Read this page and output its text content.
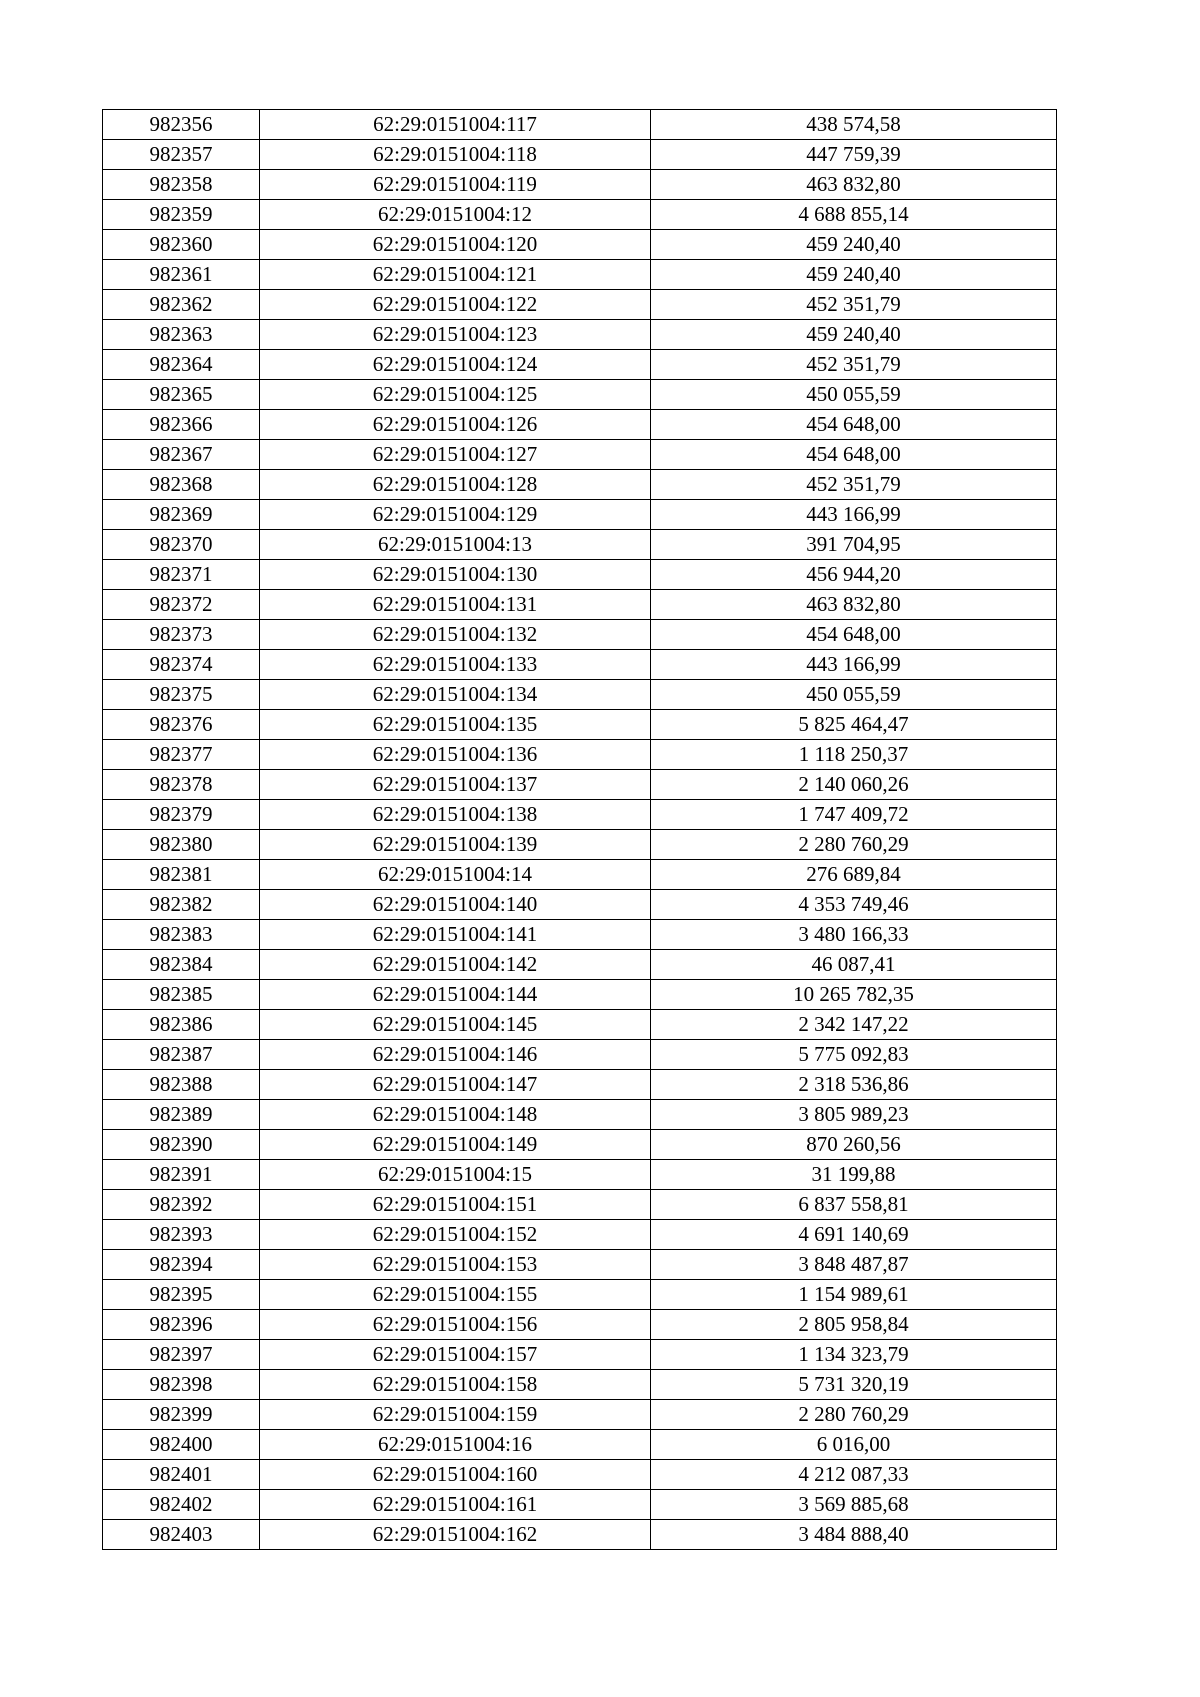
982356	62:29:0151004:117	438 574,58
982357	62:29:0151004:118	447 759,39
982358	62:29:0151004:119	463 832,80
982359	62:29:0151004:12	4 688 855,14
982360	62:29:0151004:120	459 240,40
982361	62:29:0151004:121	459 240,40
982362	62:29:0151004:122	452 351,79
982363	62:29:0151004:123	459 240,40
982364	62:29:0151004:124	452 351,79
982365	62:29:0151004:125	450 055,59
982366	62:29:0151004:126	454 648,00
982367	62:29:0151004:127	454 648,00
982368	62:29:0151004:128	452 351,79
982369	62:29:0151004:129	443 166,99
982370	62:29:0151004:13	391 704,95
982371	62:29:0151004:130	456 944,20
982372	62:29:0151004:131	463 832,80
982373	62:29:0151004:132	454 648,00
982374	62:29:0151004:133	443 166,99
982375	62:29:0151004:134	450 055,59
982376	62:29:0151004:135	5 825 464,47
982377	62:29:0151004:136	1 118 250,37
982378	62:29:0151004:137	2 140 060,26
982379	62:29:0151004:138	1 747 409,72
982380	62:29:0151004:139	2 280 760,29
982381	62:29:0151004:14	276 689,84
982382	62:29:0151004:140	4 353 749,46
982383	62:29:0151004:141	3 480 166,33
982384	62:29:0151004:142	46 087,41
982385	62:29:0151004:144	10 265 782,35
982386	62:29:0151004:145	2 342 147,22
982387	62:29:0151004:146	5 775 092,83
982388	62:29:0151004:147	2 318 536,86
982389	62:29:0151004:148	3 805 989,23
982390	62:29:0151004:149	870 260,56
982391	62:29:0151004:15	31 199,88
982392	62:29:0151004:151	6 837 558,81
982393	62:29:0151004:152	4 691 140,69
982394	62:29:0151004:153	3 848 487,87
982395	62:29:0151004:155	1 154 989,61
982396	62:29:0151004:156	2 805 958,84
982397	62:29:0151004:157	1 134 323,79
982398	62:29:0151004:158	5 731 320,19
982399	62:29:0151004:159	2 280 760,29
982400	62:29:0151004:16	6 016,00
982401	62:29:0151004:160	4 212 087,33
982402	62:29:0151004:161	3 569 885,68
982403	62:29:0151004:162	3 484 888,40
